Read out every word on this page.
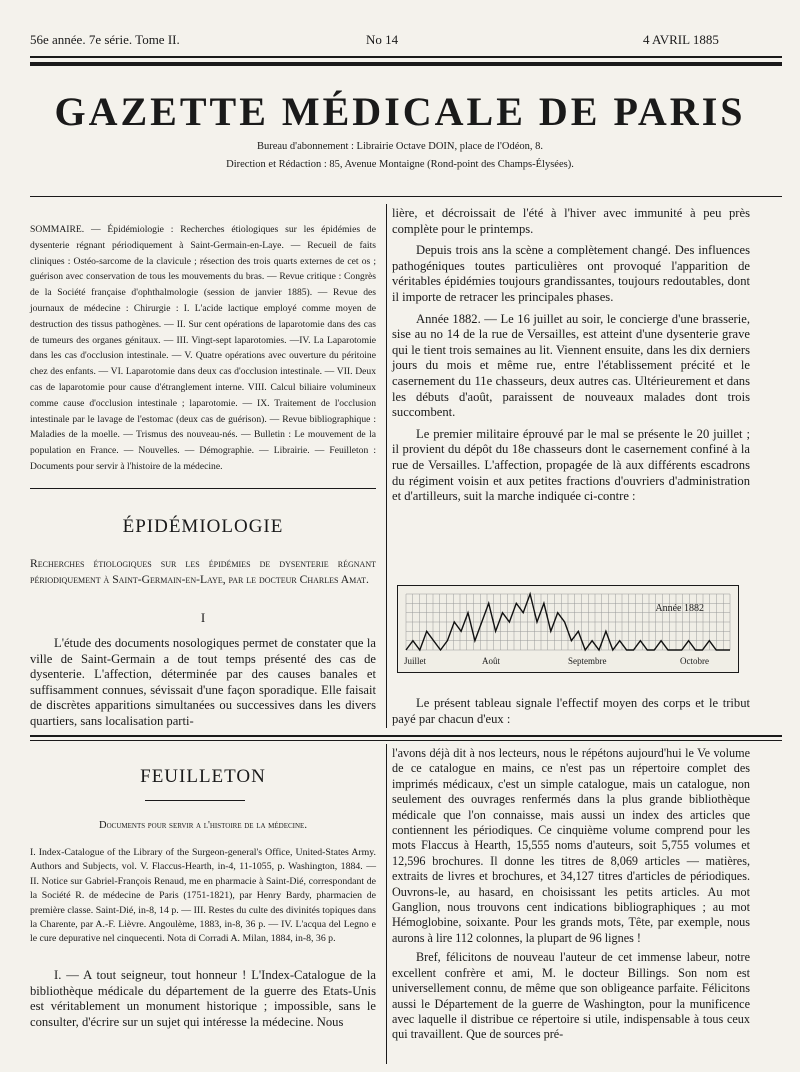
56e année. 7e série. Tome II.	No 14	4 AVRIL 1885
GAZETTE MÉDICALE DE PARIS
Bureau d'abonnement : Librairie Octave DOIN, place de l'Odéon, 8.
Direction et Rédaction : 85, Avenue Montaigne (Rond-point des Champs-Élysées).

SOMMAIRE. — Épidémiologie : Recherches étiologiques sur les épidémies de dysenterie régnant périodiquement à Saint-Germain-en-Laye. — Recueil de faits cliniques : Ostéo-sarcome de la clavicule ; résection des trois quarts externes de cet os ; guérison avec conservation de tous les mouvements du bras. — Revue critique : Congrès de la Société française d'ophthalmologie (session de janvier 1885). — Revue des journaux de médecine : Chirurgie : I. L'acide lactique employé comme moyen de destruction des tissus pathogènes. — II. Sur cent opérations de laparotomie dans des cas de tumeurs des organes génitaux. — III. Vingt-sept laparotomies. —IV. La Laparotomie dans les cas d'occlusion intestinale. — V. Quatre opérations avec ouverture du péritoine chez des enfants. — VI. Laparotomie dans deux cas d'occlusion intestinale. — VII. Deux cas de laparotomie pour cause d'étranglement interne. VIII. Calcul biliaire volumineux comme cause d'occlusion intestinale ; laparotomie. — IX. Traitement de l'occlusion intestinale par le lavage de l'estomac (deux cas de guérison). — Revue bibliographique : Maladies de la moelle. — Trismus des nouveau-nés. — Bulletin : Le mouvement de la population en France. — Nouvelles. — Démographie. — Librairie. — Feuilleton : Documents pour servir à l'histoire de la médecine.

ÉPIDÉMIOLOGIE
Recherches étiologiques sur les épidémies de dysenterie régnant périodiquement à Saint-Germain-en-Laye, par le docteur Charles Amat.
I

L'étude des documents nosologiques permet de constater que la ville de Saint-Germain a de tout temps présenté des cas de dysenterie. L'affection, déterminée par des causes banales et suffisamment connues, sévissait d'une façon sporadique. Elle faisait de discrètes apparitions simultanées ou successives dans les divers quartiers, sans localisation parti-

lière, et décroissait de l'été à l'hiver avec immunité à peu près complète pour le printemps.

Depuis trois ans la scène a complètement changé. Des influences pathogéniques toutes particulières ont provoqué l'apparition de véritables épidémies toujours grandissantes, toujours redoutables, dont il importe de retracer les principales phases.

Année 1882. — Le 16 juillet au soir, le concierge d'une brasserie, sise au no 14 de la rue de Versailles, est atteint d'une dysenterie grave qui le tient trois semaines au lit. Viennent ensuite, dans les dix derniers jours du mois et même rue, entre l'établissement précité et le casernement du 11e chasseurs, deux autres cas. Ultérieurement et dans les débuts d'août, paraissent de nouveaux malades dont trois succombent.

Le premier militaire éprouvé par le mal se présente le 20 juillet ; il provient du dépôt du 18e chasseurs dont le casernement confiné à la rue de Versailles. L'affection, propagée de là aux différents escadrons du régiment voisin et aux petites fractions d'ouvriers d'administration et d'artilleurs, suit la marche indiquée ci-contre :

Année 1882
Juillet	Août	Septembre	Octobre

Le présent tableau signale l'effectif moyen des corps et le tribut payé par chacun d'eux :

FEUILLETON
Documents pour servir a l'histoire de la médecine.

I. Index-Catalogue of the Library of the Surgeon-general's Office, United-States Army. Authors and Subjects, vol. V. Flaccus-Hearth, in-4, 11-1055, p. Washington, 1884. — II. Notice sur Gabriel-François Renaud, me en pharmacie à Saint-Dié, correspondant de la Société R. de médecine de Paris (1751-1821), par Henry Bardy, pharmacien de première classe. Saint-Dié, in-8, 14 p. — III. Restes du culte des divinités topiques dans la Charente, par A.-F. Lièvre. Angoulème, 1883, in-8, 36 p. — IV. L'acqua del Legno e le cure depurative nel cinquecenti. Nota di Corradi A. Milan, 1884, in-8, 36 p.

I. — A tout seigneur, tout honneur ! L'Index-Catalogue de la bibliothèque médicale du département de la guerre des Etats-Unis est véritablement un monument historique ; impossible, sans le consulter, d'écrire sur un sujet qui intéresse la médecine. Nous

l'avons déjà dit à nos lecteurs, nous le répétons aujourd'hui le Ve volume de ce catalogue en mains, ce n'est pas un répertoire complet des imprimés médicaux, c'est un simple catalogue, mais un catalogue, non seulement des ouvrages renfermés dans la plus grande bibliothèque médicale que l'on connaisse, mais aussi un index des articles que contiennent les périodiques. Ce cinquième volume comprend pour les mots Flaccus à Hearth, 15,555 noms d'auteurs, soit 5,755 volumes et 12,596 brochures. Il donne les titres de 8,069 articles — matières, extraits de livres et brochures, et 34,127 titres d'articles de périodiques. Ouvrons-le, au hasard, en choisissant les petits articles. Au mot Ganglion, nous trouvons cent indications bibliographiques ; au mot Hémoglobine, soixante. Pour les grands mots, Tête, par exemple, nous aurons à lire 112 colonnes, la plupart de 96 lignes !

Bref, félicitons de nouveau l'auteur de cet immense labeur, notre excellent confrère et ami, M. le docteur Billings. Son nom est universellement connu, de même que son obligeance parfaite. Félicitons aussi le Département de la guerre de Washington, pour la munificence avec laquelle il distribue ce répertoire si utile, indispensable à tous ceux qui travaillent. Que de sources pré-
